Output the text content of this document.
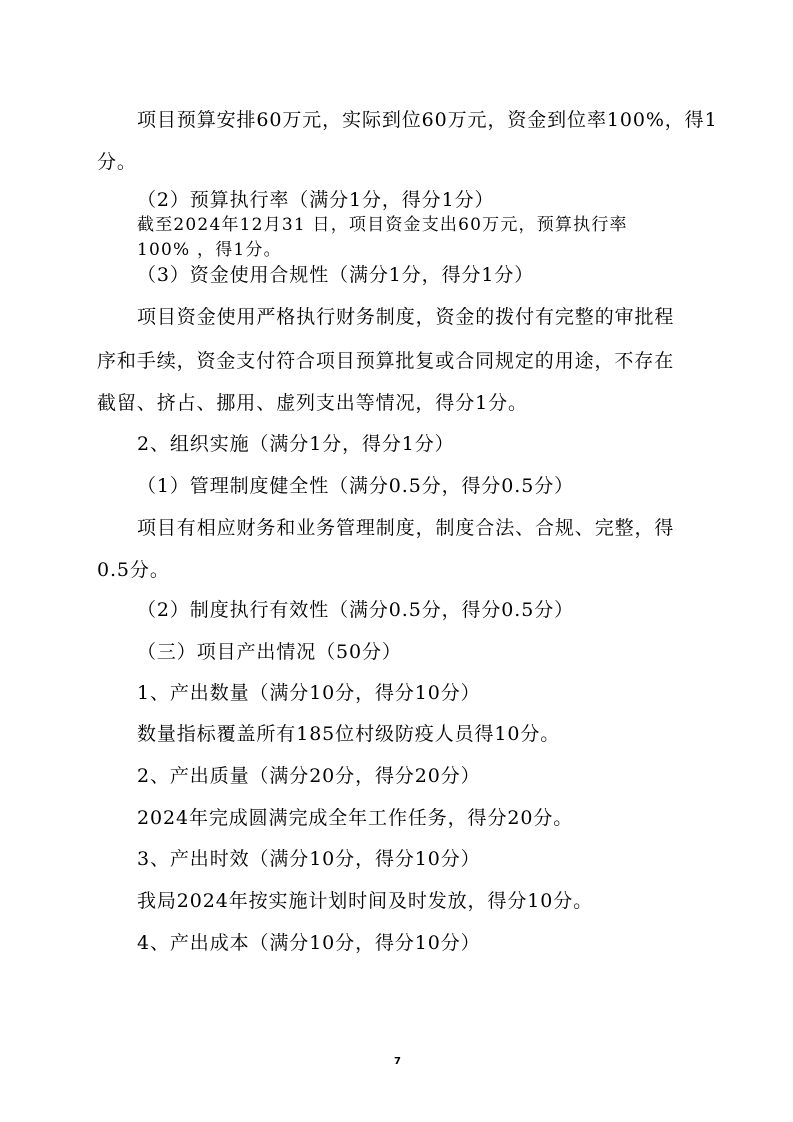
项目预算安排60万元，实际到位60万元，资金到位率100%，得1
分。
（2）预算执行率（满分1分，得分1分）
截至2024年12月31 日，项目资金支出60万元，预算执行率
100% ，得1分。
（3）资金使用合规性（满分1分，得分1分）
项目资金使用严格执行财务制度，资金的拨付有完整的审批程
序和手续，资金支付符合项目预算批复或合同规定的用途，不存在
截留、挤占、挪用、虚列支出等情况，得分1分。
2、组织实施（满分1分，得分1分）
（1）管理制度健全性（满分0.5分，得分0.5分）
项目有相应财务和业务管理制度，制度合法、合规、完整，得
0.5分。
（2）制度执行有效性（满分0.5分，得分0.5分）
（三）项目产出情况（50分）
1、产出数量（满分10分，得分10分）
数量指标覆盖所有185位村级防疫人员得10分。
2、产出质量（满分20分，得分20分）
2024年完成圆满完成全年工作任务，得分20分。
3、产出时效（满分10分，得分10分）
我局2024年按实施计划时间及时发放，得分10分。
4、产出成本（满分10分，得分10分）
7
